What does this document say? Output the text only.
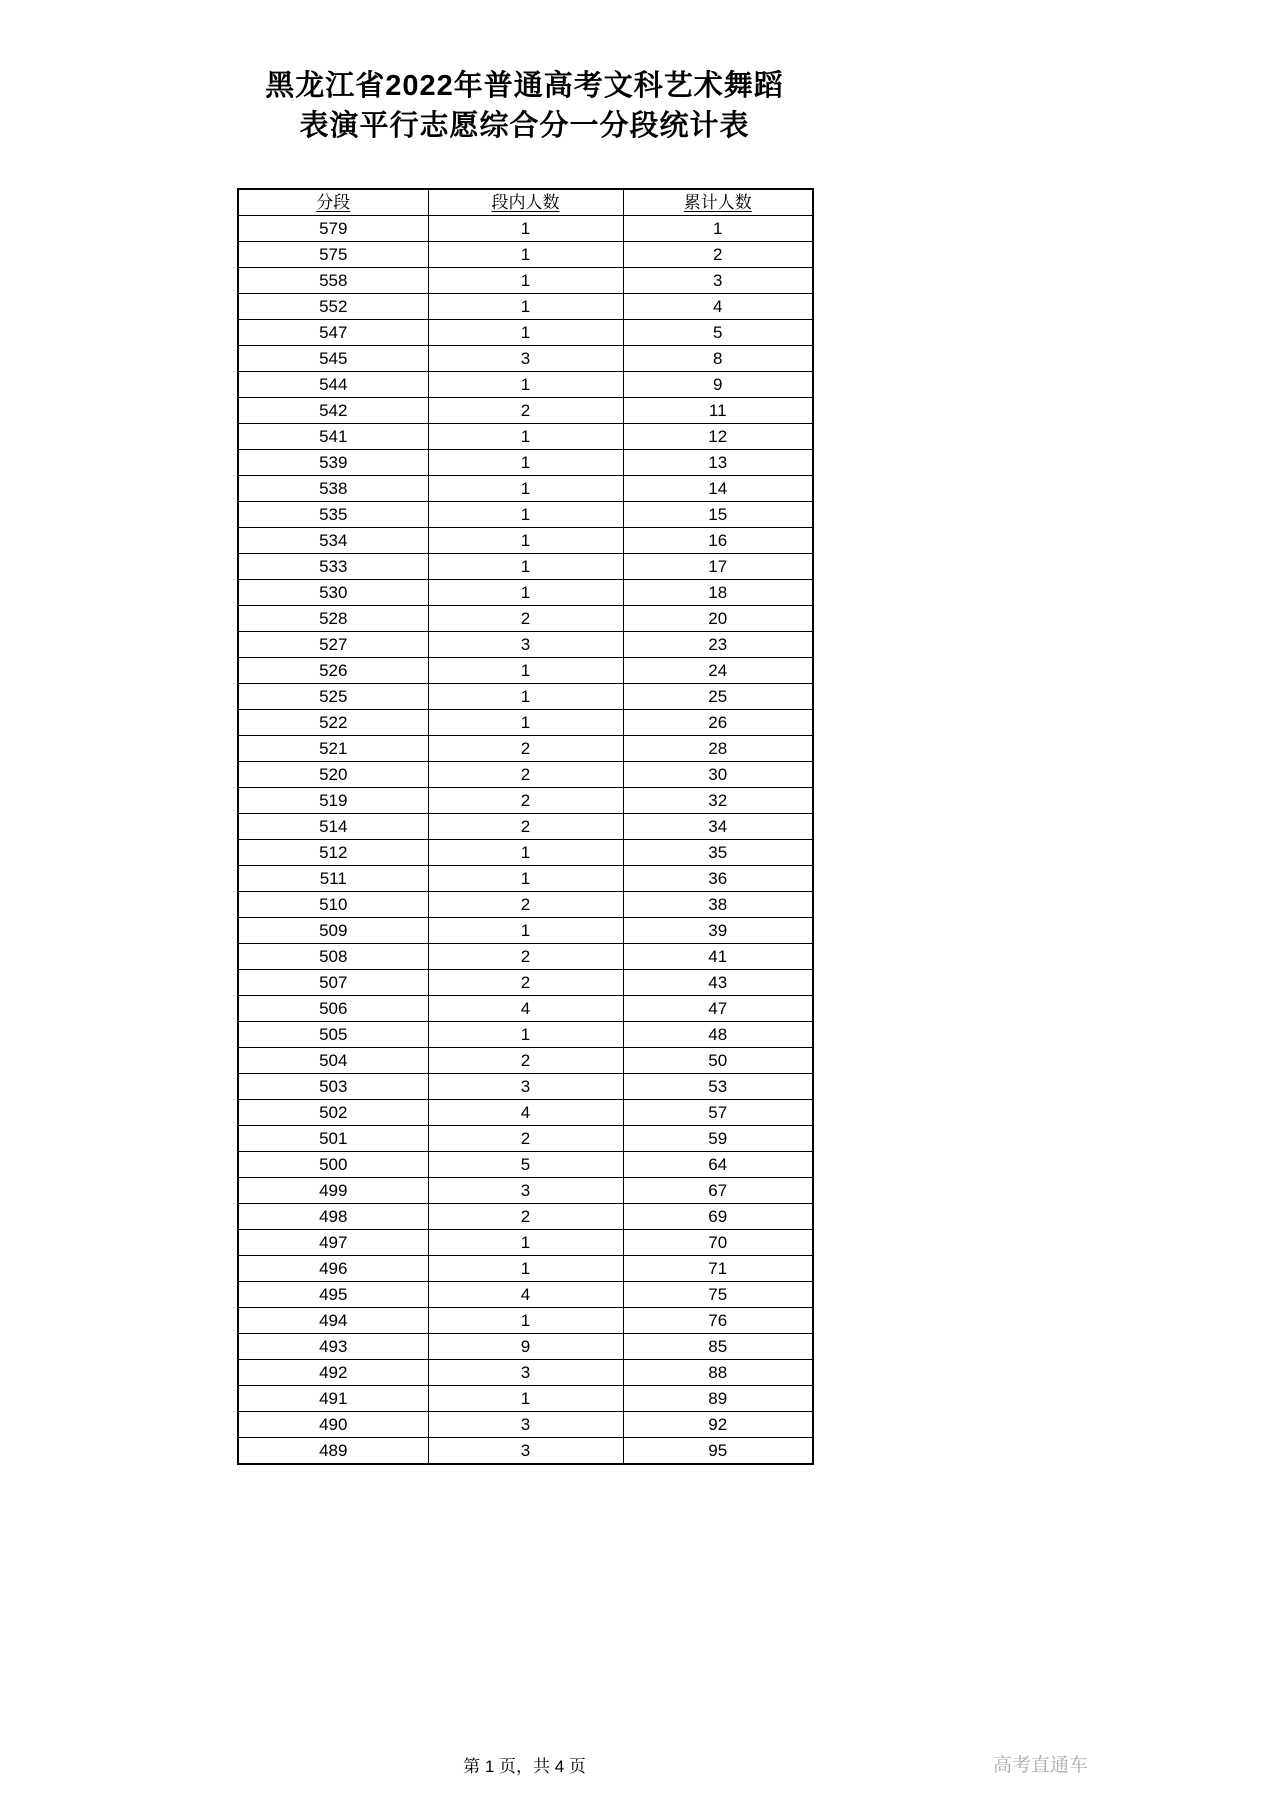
黑龙江省2022年普通高考文科艺术舞蹈
表演平行志愿综合分一分段统计表
分段	段内人数	累计人数
579	1	1
575	1	2
558	1	3
552	1	4
547	1	5
545	3	8
544	1	9
542	2	11
541	1	12
539	1	13
538	1	14
535	1	15
534	1	16
533	1	17
530	1	18
528	2	20
527	3	23
526	1	24
525	1	25
522	1	26
521	2	28
520	2	30
519	2	32
514	2	34
512	1	35
511	1	36
510	2	38
509	1	39
508	2	41
507	2	43
506	4	47
505	1	48
504	2	50
503	3	53
502	4	57
501	2	59
500	5	64
499	3	67
498	2	69
497	1	70
496	1	71
495	4	75
494	1	76
493	9	85
492	3	88
491	1	89
490	3	92
489	3	95
第 1 页，共 4 页	高考直通车
